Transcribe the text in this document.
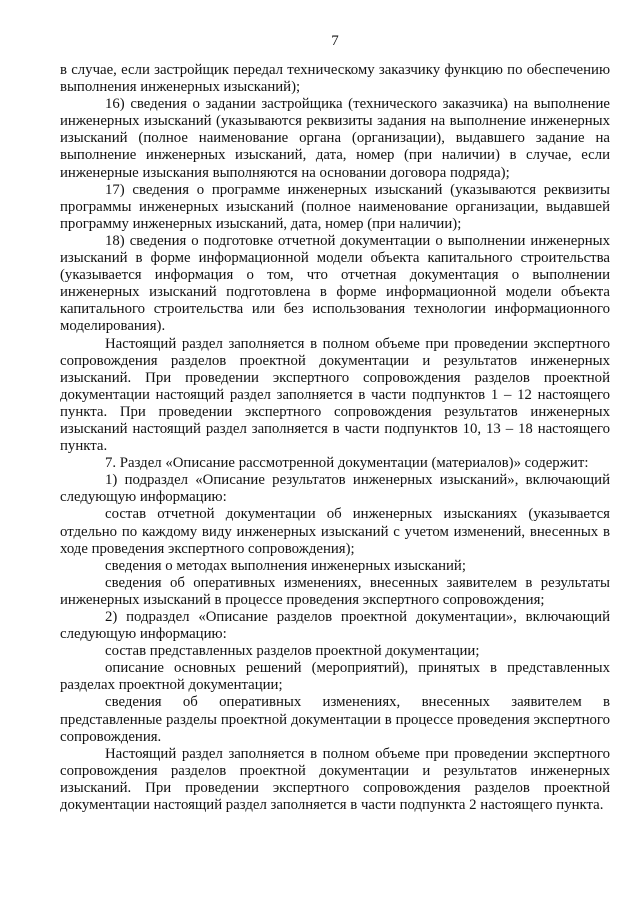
7

в случае, если застройщик передал техническому заказчику функцию по обеспечению выполнения инженерных изысканий);

16) сведения о задании застройщика (технического заказчика) на выполнение инженерных изысканий (указываются реквизиты задания на выполнение инженерных изысканий (полное наименование органа (организации), выдавшего задание на выполнение инженерных изысканий, дата, номер (при наличии) в случае, если инженерные изыскания выполняются на основании договора подряда);

17) сведения о программе инженерных изысканий (указываются реквизиты программы инженерных изысканий (полное наименование организации, выдавшей программу инженерных изысканий, дата, номер (при наличии);

18) сведения о подготовке отчетной документации о выполнении инженерных изысканий в форме информационной модели объекта капитального строительства (указывается информация о том, что отчетная документация о выполнении инженерных изысканий подготовлена в форме информационной модели объекта капитального строительства или без использования технологии информационного моделирования).

Настоящий раздел заполняется в полном объеме при проведении экспертного сопровождения разделов проектной документации и результатов инженерных изысканий. При проведении экспертного сопровождения разделов проектной документации настоящий раздел заполняется в части подпунктов 1 – 12 настоящего пункта. При проведении экспертного сопровождения результатов инженерных изысканий настоящий раздел заполняется в части подпунктов 10, 13 – 18 настоящего пункта.

7. Раздел «Описание рассмотренной документации (материалов)» содержит:

1) подраздел «Описание результатов инженерных изысканий», включающий следующую информацию:

состав отчетной документации об инженерных изысканиях (указывается отдельно по каждому виду инженерных изысканий с учетом изменений, внесенных в ходе проведения экспертного сопровождения);

сведения о методах выполнения инженерных изысканий;

сведения об оперативных изменениях, внесенных заявителем в результаты инженерных изысканий в процессе проведения экспертного сопровождения;

2) подраздел «Описание разделов проектной документации», включающий следующую информацию:

состав представленных разделов проектной документации;

описание основных решений (мероприятий), принятых в представленных разделах проектной документации;

сведения об оперативных изменениях, внесенных заявителем в представленные разделы проектной документации в процессе проведения экспертного сопровождения.

Настоящий раздел заполняется в полном объеме при проведении экспертного сопровождения разделов проектной документации и результатов инженерных изысканий. При проведении экспертного сопровождения разделов проектной документации настоящий раздел заполняется в части подпункта 2 настоящего пункта.
